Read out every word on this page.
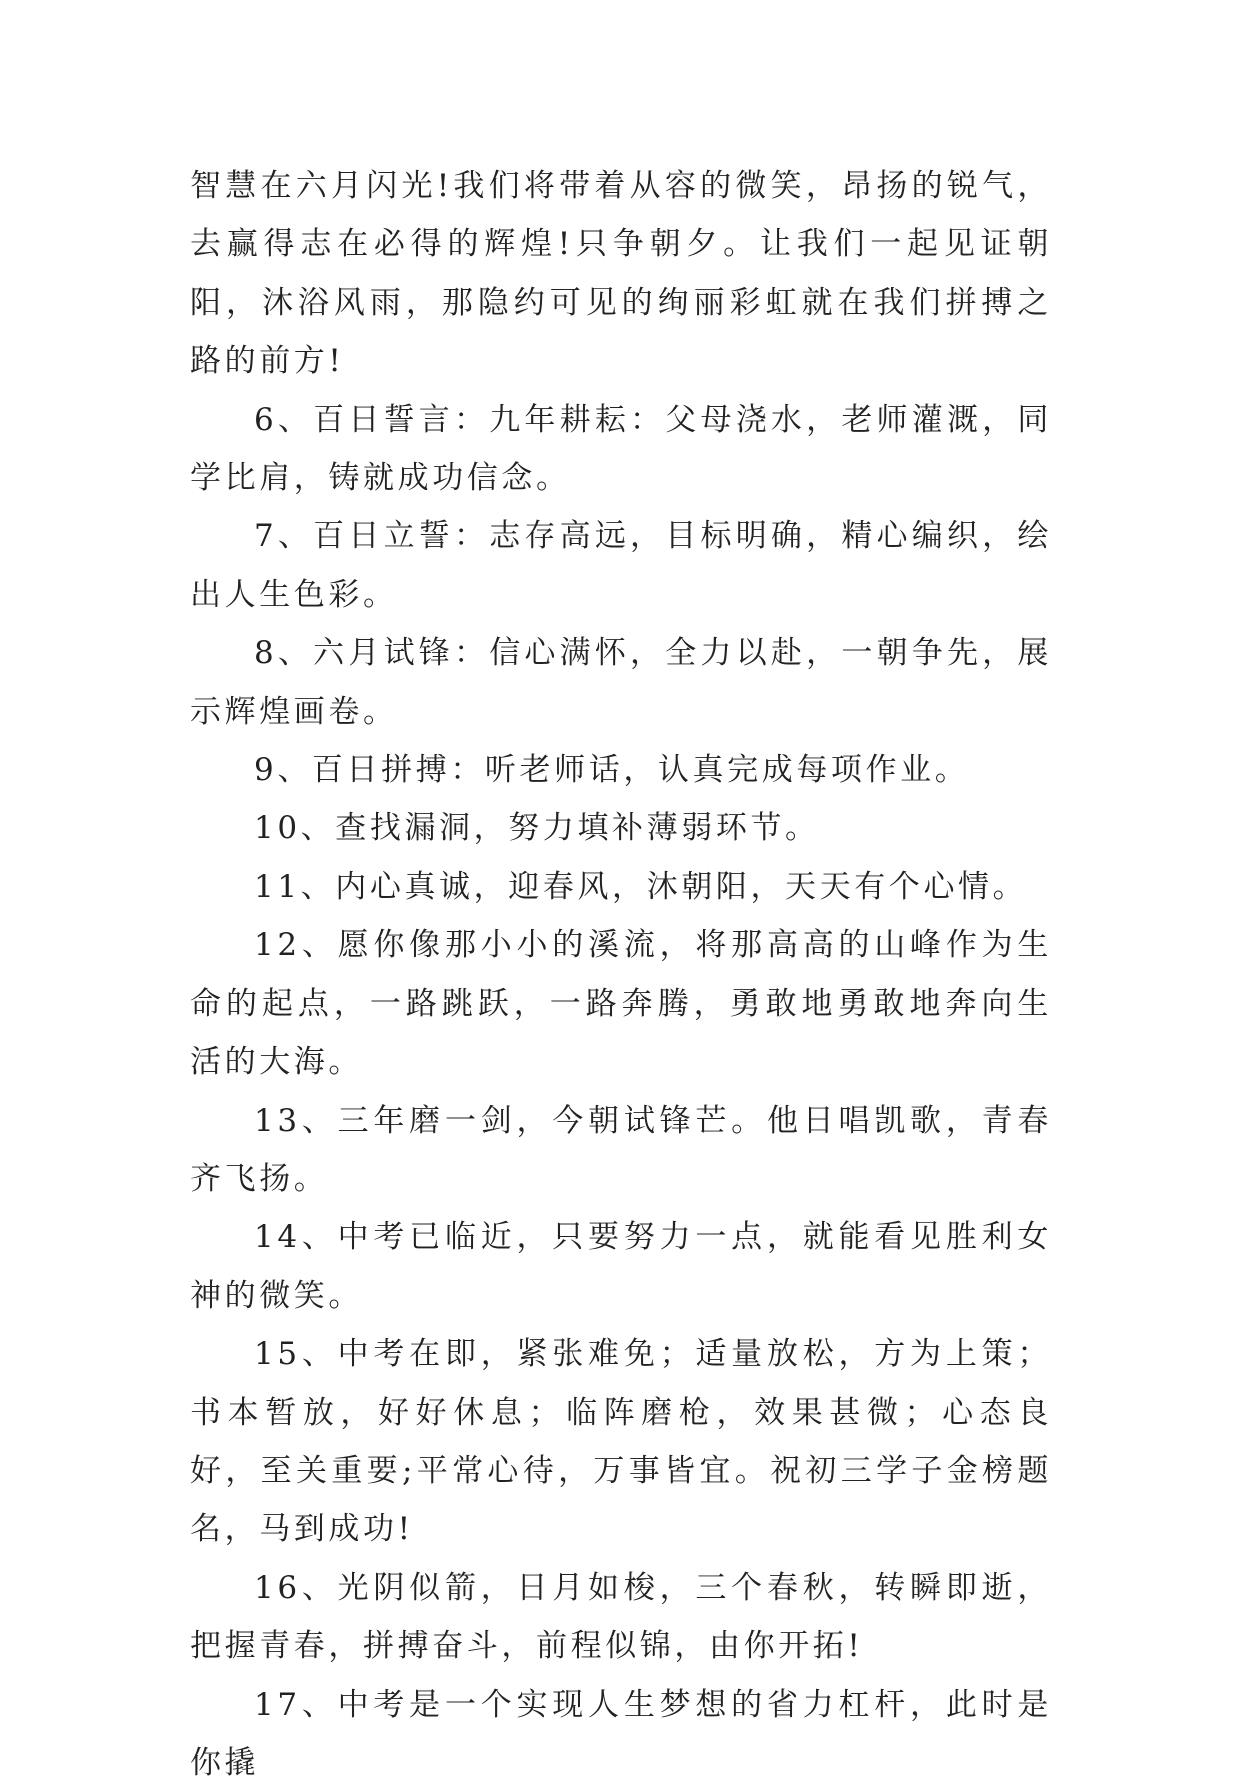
智慧在六月闪光!我们将带着从容的微笑，昂扬的锐气，去赢得志在必得的辉煌!只争朝夕。让我们一起见证朝阳，沐浴风雨，那隐约可见的绚丽彩虹就在我们拼搏之路的前方!

6、百日誓言：九年耕耘：父母浇水，老师灌溉，同学比肩，铸就成功信念。

7、百日立誓：志存高远，目标明确，精心编织，绘出人生色彩。

8、六月试锋：信心满怀，全力以赴，一朝争先，展示辉煌画卷。

9、百日拼搏：听老师话，认真完成每项作业。

10、查找漏洞，努力填补薄弱环节。

11、内心真诚，迎春风，沐朝阳，天天有个心情。

12、愿你像那小小的溪流，将那高高的山峰作为生命的起点，一路跳跃，一路奔腾，勇敢地勇敢地奔向生活的大海。

13、三年磨一剑，今朝试锋芒。他日唱凯歌，青春齐飞扬。

14、中考已临近，只要努力一点，就能看见胜利女神的微笑。

15、中考在即，紧张难免；适量放松，方为上策；书本暂放，好好休息；临阵磨枪，效果甚微；心态良好，至关重要;平常心待，万事皆宜。祝初三学子金榜题名，马到成功!

16、光阴似箭，日月如梭，三个春秋，转瞬即逝，把握青春，拼搏奋斗，前程似锦，由你开拓!

17、中考是一个实现人生梦想的省力杠杆，此时是你撬
